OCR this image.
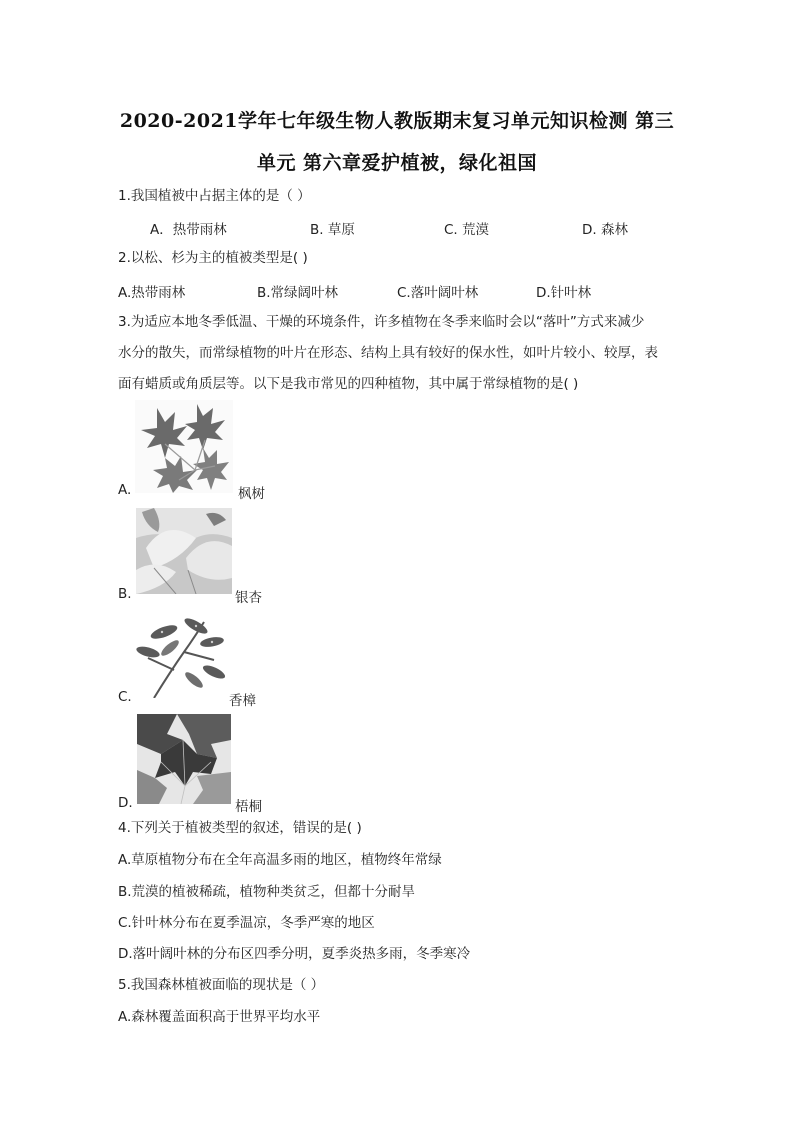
2020-2021学年七年级生物人教版期末复习单元知识检测 第三
单元 第六章爱护植被，绿化祖国
1.我国植被中占据主体的是（ ）
A．热带雨林	B. 草原	C. 荒漠	D. 森林
2.以松、杉为主的植被类型是( )
A.热带雨林	B.常绿阔叶林	C.落叶阔叶林	D.针叶林
3.为适应本地冬季低温、干燥的环境条件，许多植物在冬季来临时会以“落叶”方式来减少
水分的散失，而常绿植物的叶片在形态、结构上具有较好的保水性，如叶片较小、较厚，表
面有蜡质或角质层等。以下是我市常见的四种植物，其中属于常绿植物的是( )
A.	枫树
B.	银杏
C.	香樟
D.	梧桐
4.下列关于植被类型的叙述，错误的是( )
A.草原植物分布在全年高温多雨的地区，植物终年常绿
B.荒漠的植被稀疏，植物种类贫乏，但都十分耐旱
C.针叶林分布在夏季温凉，冬季严寒的地区
D.落叶阔叶林的分布区四季分明，夏季炎热多雨，冬季寒冷
5.我国森林植被面临的现状是（ ）
A.森林覆盖面积高于世界平均水平
